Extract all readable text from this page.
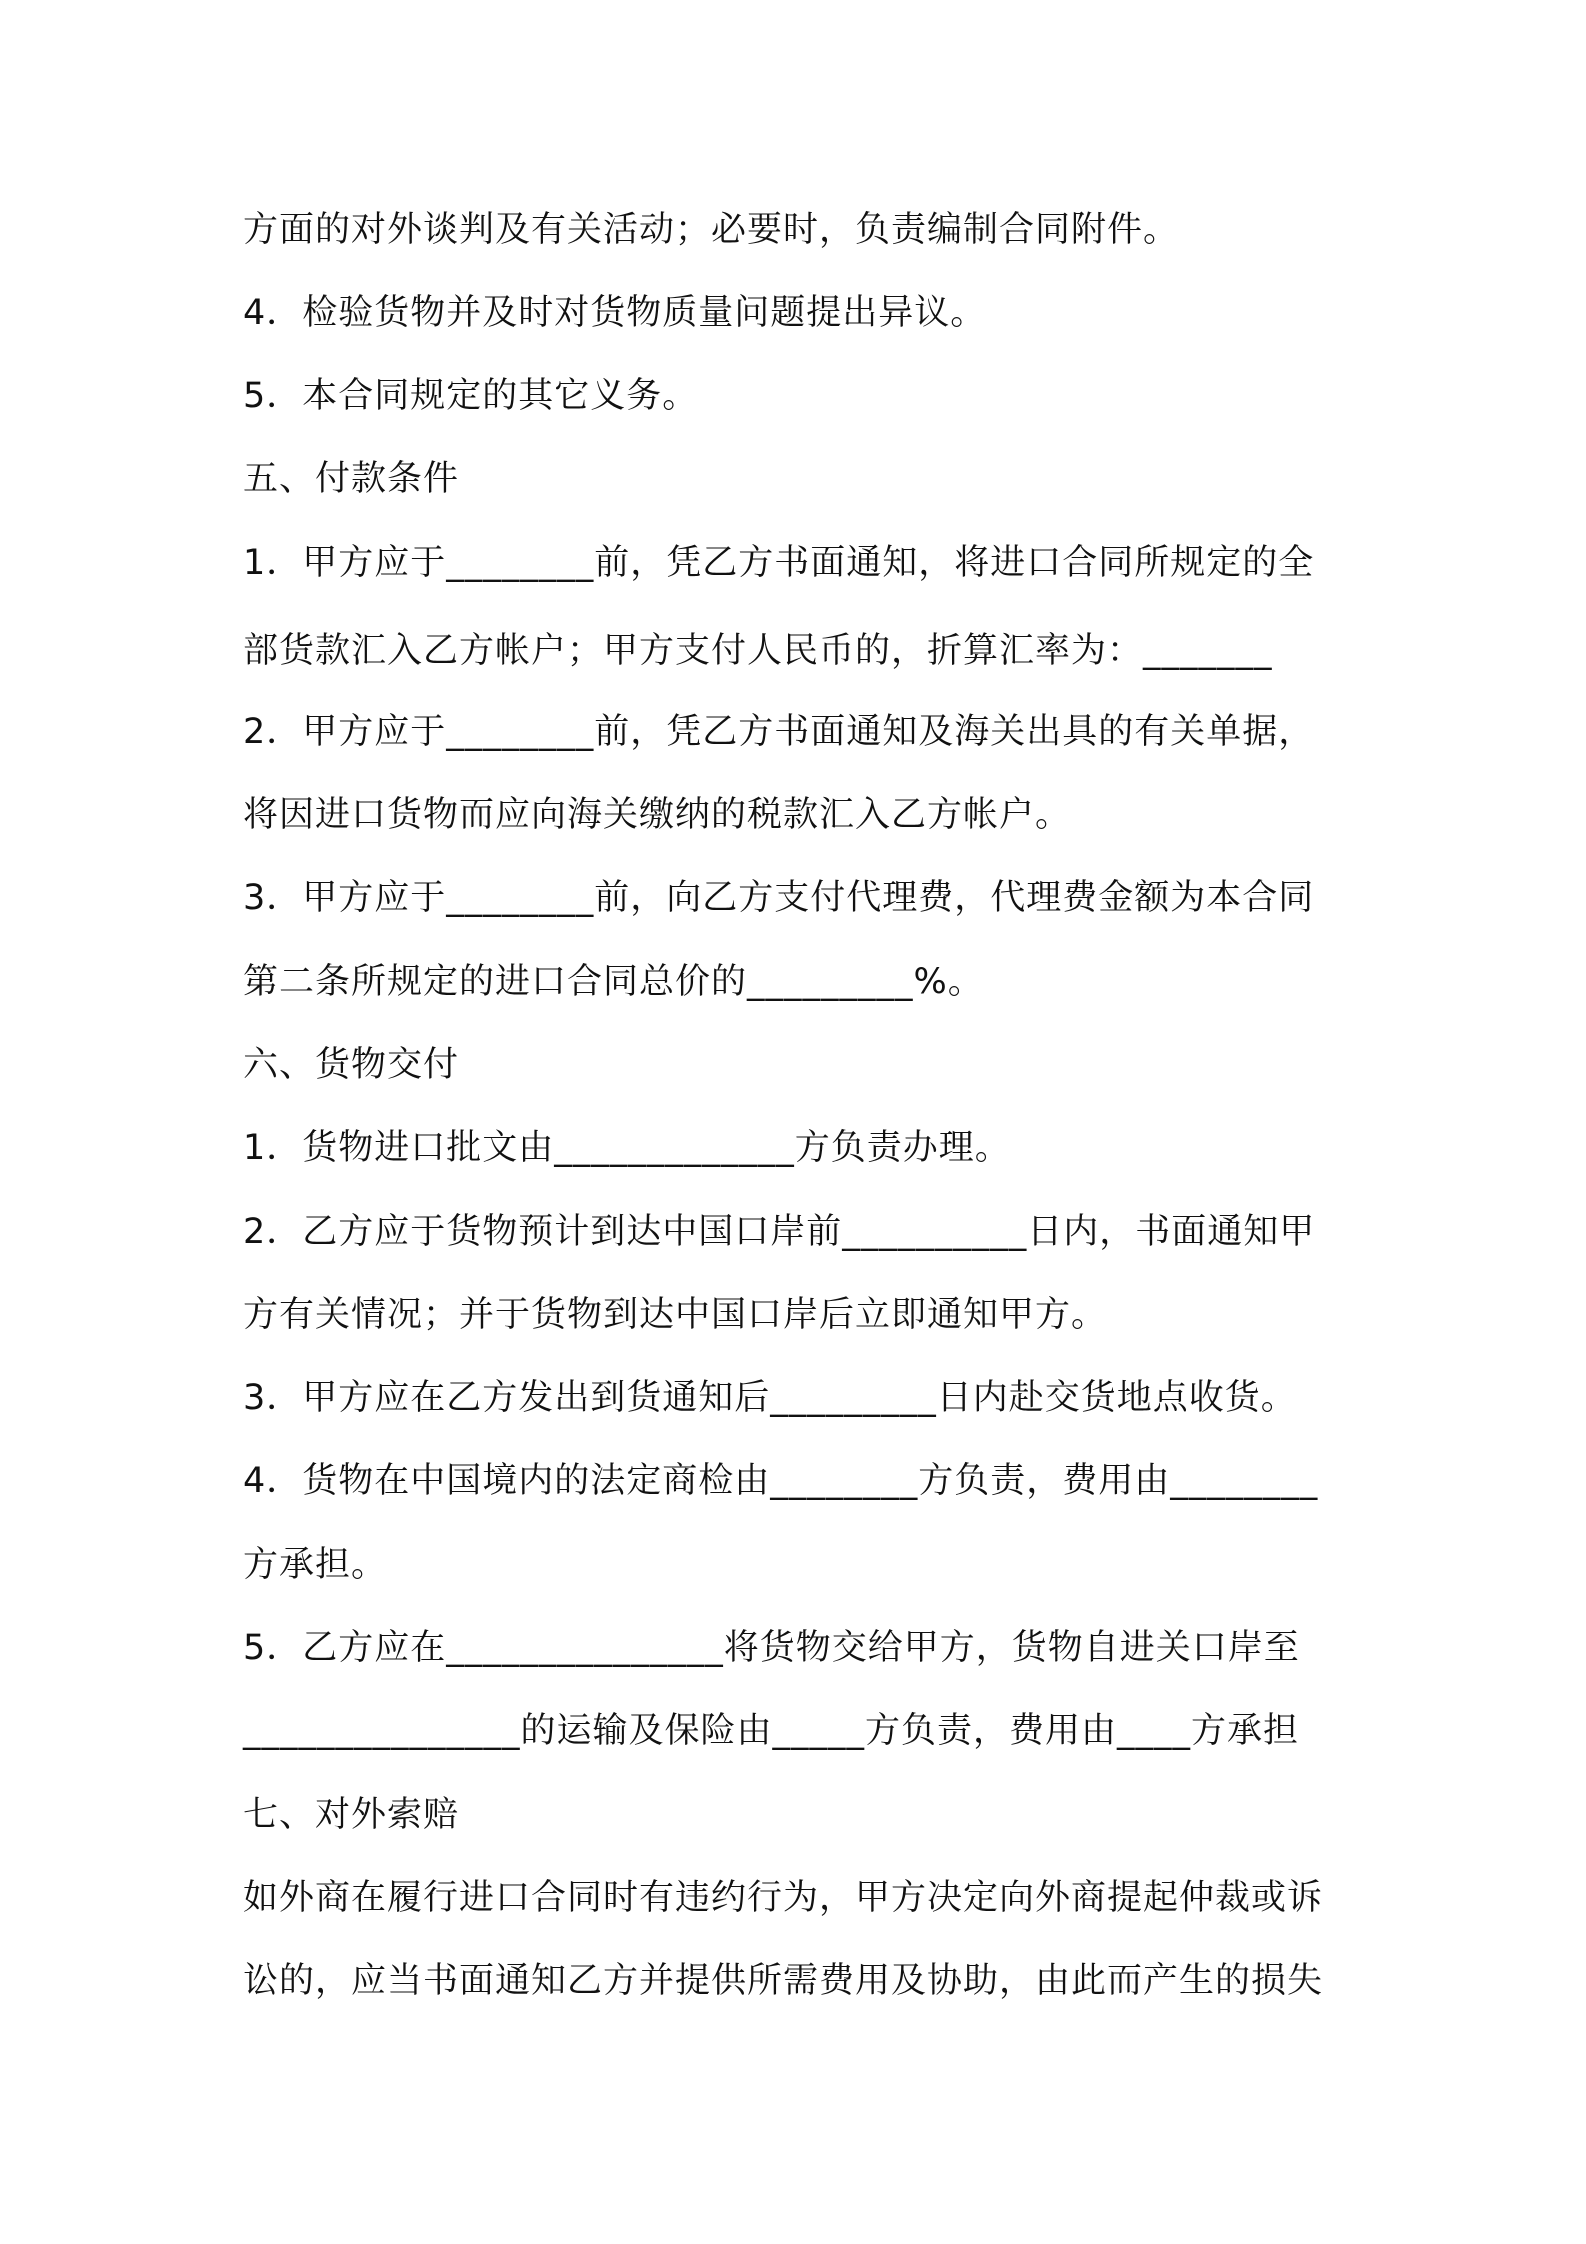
方面的对外谈判及有关活动；必要时，负责编制合同附件。
4．检验货物并及时对货物质量问题提出异议。
5．本合同规定的其它义务。
五、付款条件
1．甲方应于________前，凭乙方书面通知，将进口合同所规定的全
部货款汇入乙方帐户；甲方支付人民币的，折算汇率为：_______
2．甲方应于________前，凭乙方书面通知及海关出具的有关单据，
将因进口货物而应向海关缴纳的税款汇入乙方帐户。
3．甲方应于________前，向乙方支付代理费，代理费金额为本合同
第二条所规定的进口合同总价的_________%。
六、货物交付
1．货物进口批文由_____________方负责办理。
2．乙方应于货物预计到达中国口岸前__________日内，书面通知甲
方有关情况；并于货物到达中国口岸后立即通知甲方。
3．甲方应在乙方发出到货通知后_________日内赴交货地点收货。
4．货物在中国境内的法定商检由________方负责，费用由________
方承担。
5．乙方应在_______________将货物交给甲方，货物自进关口岸至
_______________的运输及保险由_____方负责，费用由____方承担
七、对外索赔
如外商在履行进口合同时有违约行为，甲方决定向外商提起仲裁或诉
讼的，应当书面通知乙方并提供所需费用及协助，由此而产生的损失
